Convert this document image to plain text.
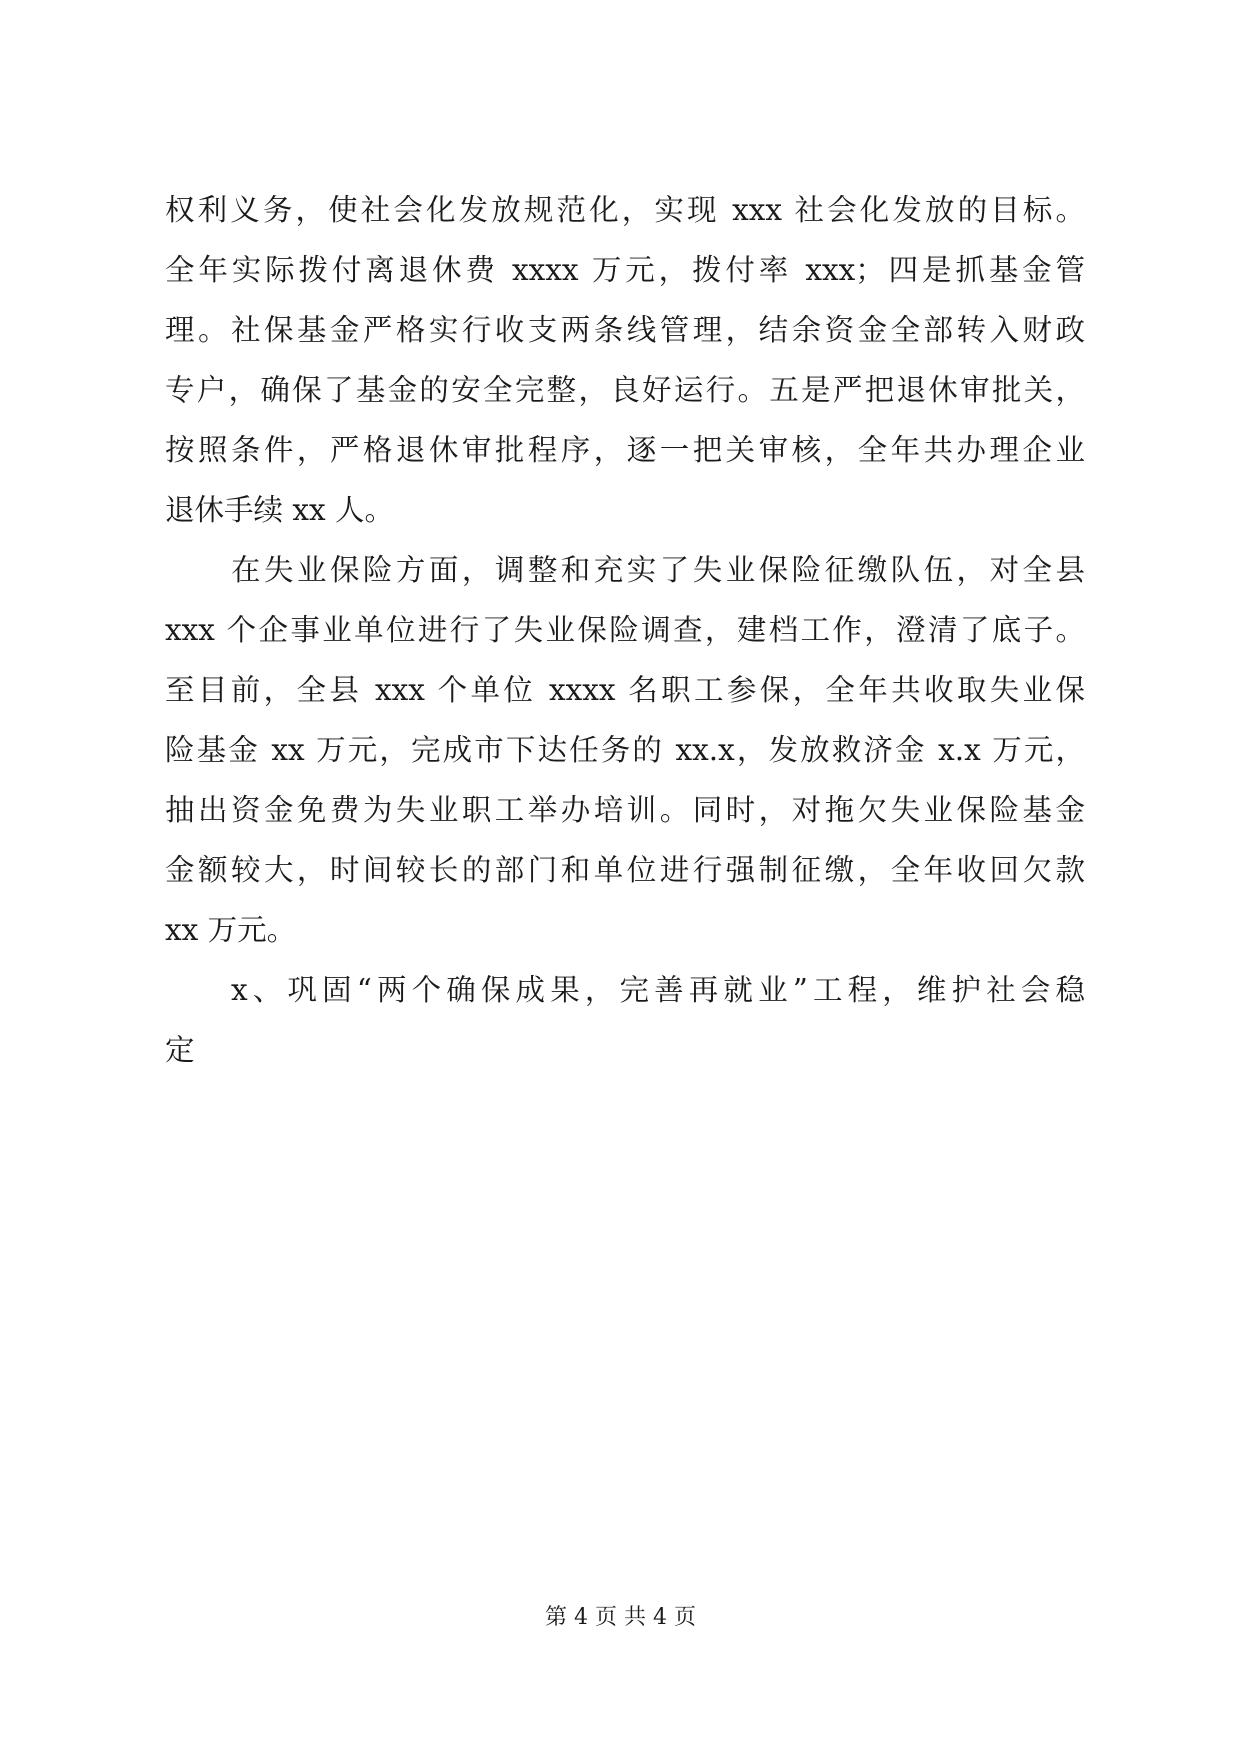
权利义务，使社会化发放规范化，实现 xxx 社会化发放的目标。
全年实际拨付离退休费 xxxx 万元，拨付率 xxx；四是抓基金管
理。社保基金严格实行收支两条线管理，结余资金全部转入财政
专户，确保了基金的安全完整，良好运行。五是严把退休审批关，
按照条件，严格退休审批程序，逐一把关审核，全年共办理企业
退休手续 xx 人。
在失业保险方面，调整和充实了失业保险征缴队伍，对全县
xxx 个企事业单位进行了失业保险调查，建档工作，澄清了底子。
至目前，全县 xxx 个单位 xxxx 名职工参保，全年共收取失业保
险基金 xx 万元，完成市下达任务的 xx.x，发放救济金 x.x 万元，
抽出资金免费为失业职工举办培训。同时，对拖欠失业保险基金
金额较大，时间较长的部门和单位进行强制征缴，全年收回欠款
xx 万元。
x、巩固“两个确保成果，完善再就业”工程，维护社会稳
定
第 4 页 共 4 页
